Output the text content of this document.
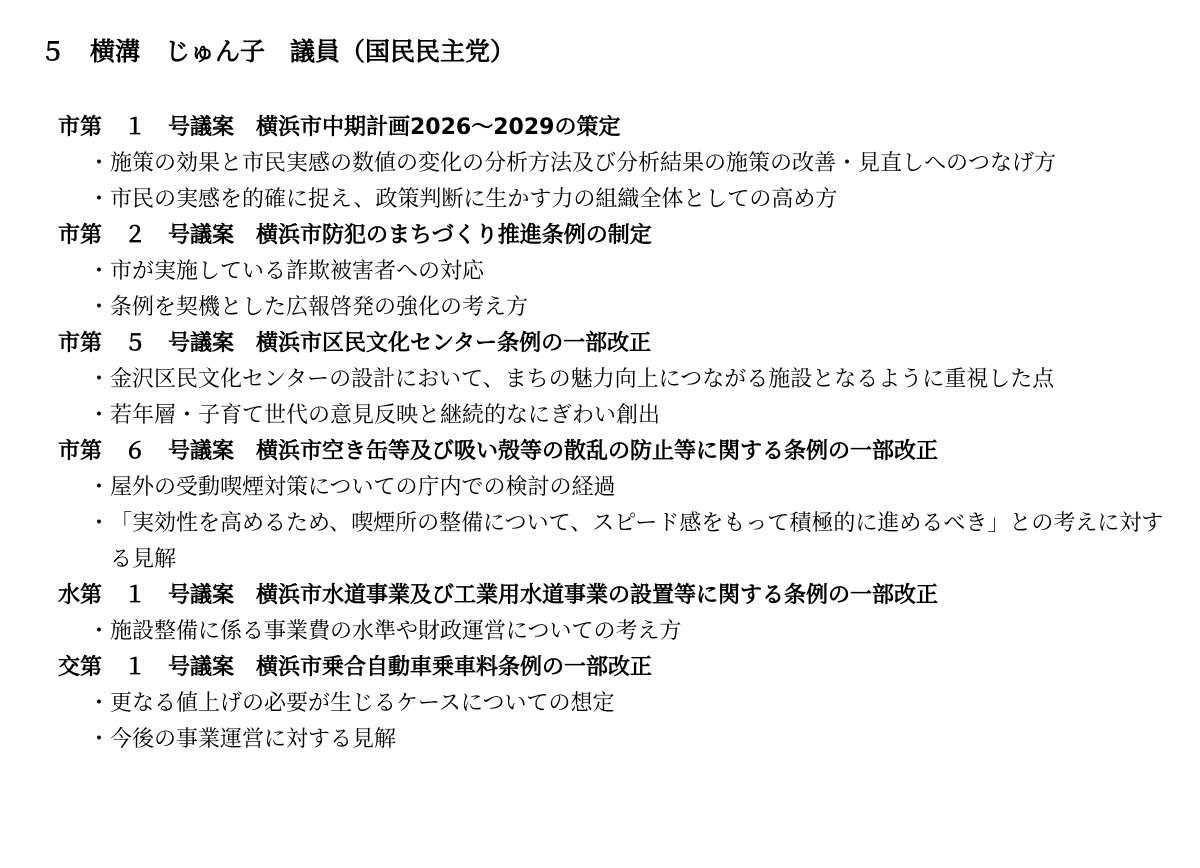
５　横溝　じゅん子　議員（国民民主党）
市第　１　号議案　横浜市中期計画2026～2029の策定
・ 施策の効果と市民実感の数値の変化の分析方法及び分析結果の施策の改善・見直しへのつなげ方
・ 市民の実感を的確に捉え、政策判断に生かす力の組織全体としての高め方
市第　２　号議案　横浜市防犯のまちづくり推進条例の制定
・ 市が実施している詐欺被害者への対応
・ 条例を契機とした広報啓発の強化の考え方
市第　５　号議案　横浜市区民文化センター条例の一部改正
・ 金沢区民文化センターの設計において、まちの魅力向上につながる施設となるように重視した点
・ 若年層・子育て世代の意見反映と継続的なにぎわい創出
市第　６　号議案　横浜市空き缶等及び吸い殻等の散乱の防止等に関する条例の一部改正
・ 屋外の受動喫煙対策についての庁内での検討の経過
・ 「実効性を高めるため、喫煙所の整備について、スピード感をもって積極的に進めるべき」との考えに対する見解
水第　１　号議案　横浜市水道事業及び工業用水道事業の設置等に関する条例の一部改正
・ 施設整備に係る事業費の水準や財政運営についての考え方
交第　１　号議案　横浜市乗合自動車乗車料条例の一部改正
・ 更なる値上げの必要が生じるケースについての想定
・ 今後の事業運営に対する見解
